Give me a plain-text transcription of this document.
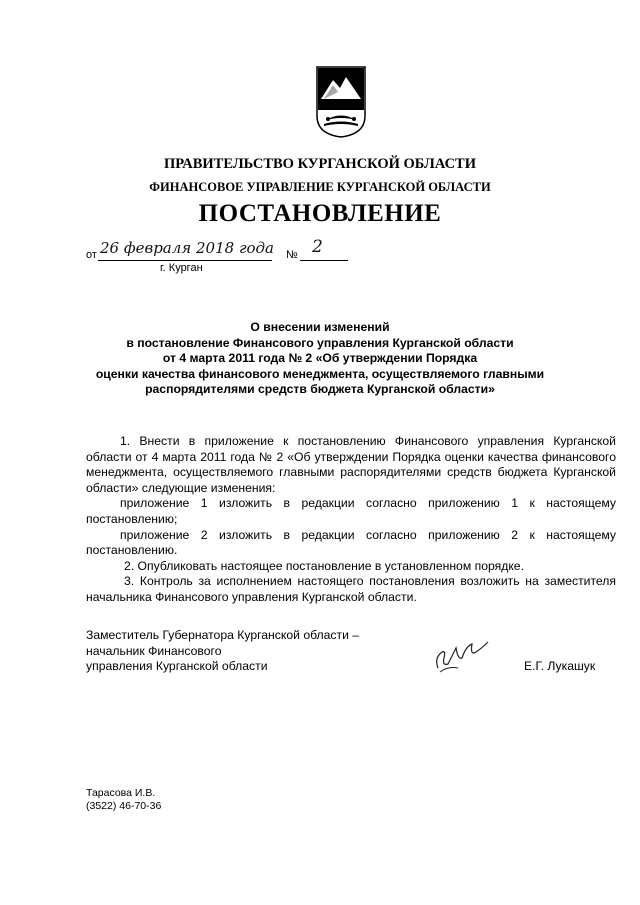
ПРАВИТЕЛЬСТВО КУРГАНСКОЙ ОБЛАСТИ
ФИНАНСОВОЕ УПРАВЛЕНИЕ КУРГАНСКОЙ ОБЛАСТИ
ПОСТАНОВЛЕНИЕ
от 26 февраля 2018 года № 2
г. Курган
О внесении изменений
в постановление Финансового управления Курганской области
от 4 марта 2011 года № 2 «Об утверждении Порядка
оценки качества финансового менеджмента, осуществляемого главными
распорядителями средств бюджета Курганской области»
1. Внести в приложение к постановлению Финансового управления Курганской области от 4 марта 2011 года № 2 «Об утверждении Порядка оценки качества финансового менеджмента, осуществляемого главными распорядителями средств бюджета Курганской области» следующие изменения:
приложение 1 изложить в редакции согласно приложению 1 к настоящему постановлению;
приложение 2 изложить в редакции согласно приложению 2 к настоящему постановлению.
2. Опубликовать настоящее постановление в установленном порядке.
3. Контроль за исполнением настоящего постановления возложить на заместителя начальника Финансового управления Курганской области.
Заместитель Губернатора Курганской области –
начальник Финансового
управления Курганской области	Е.Г. Лукашук
Тарасова И.В.
(3522) 46-70-36
